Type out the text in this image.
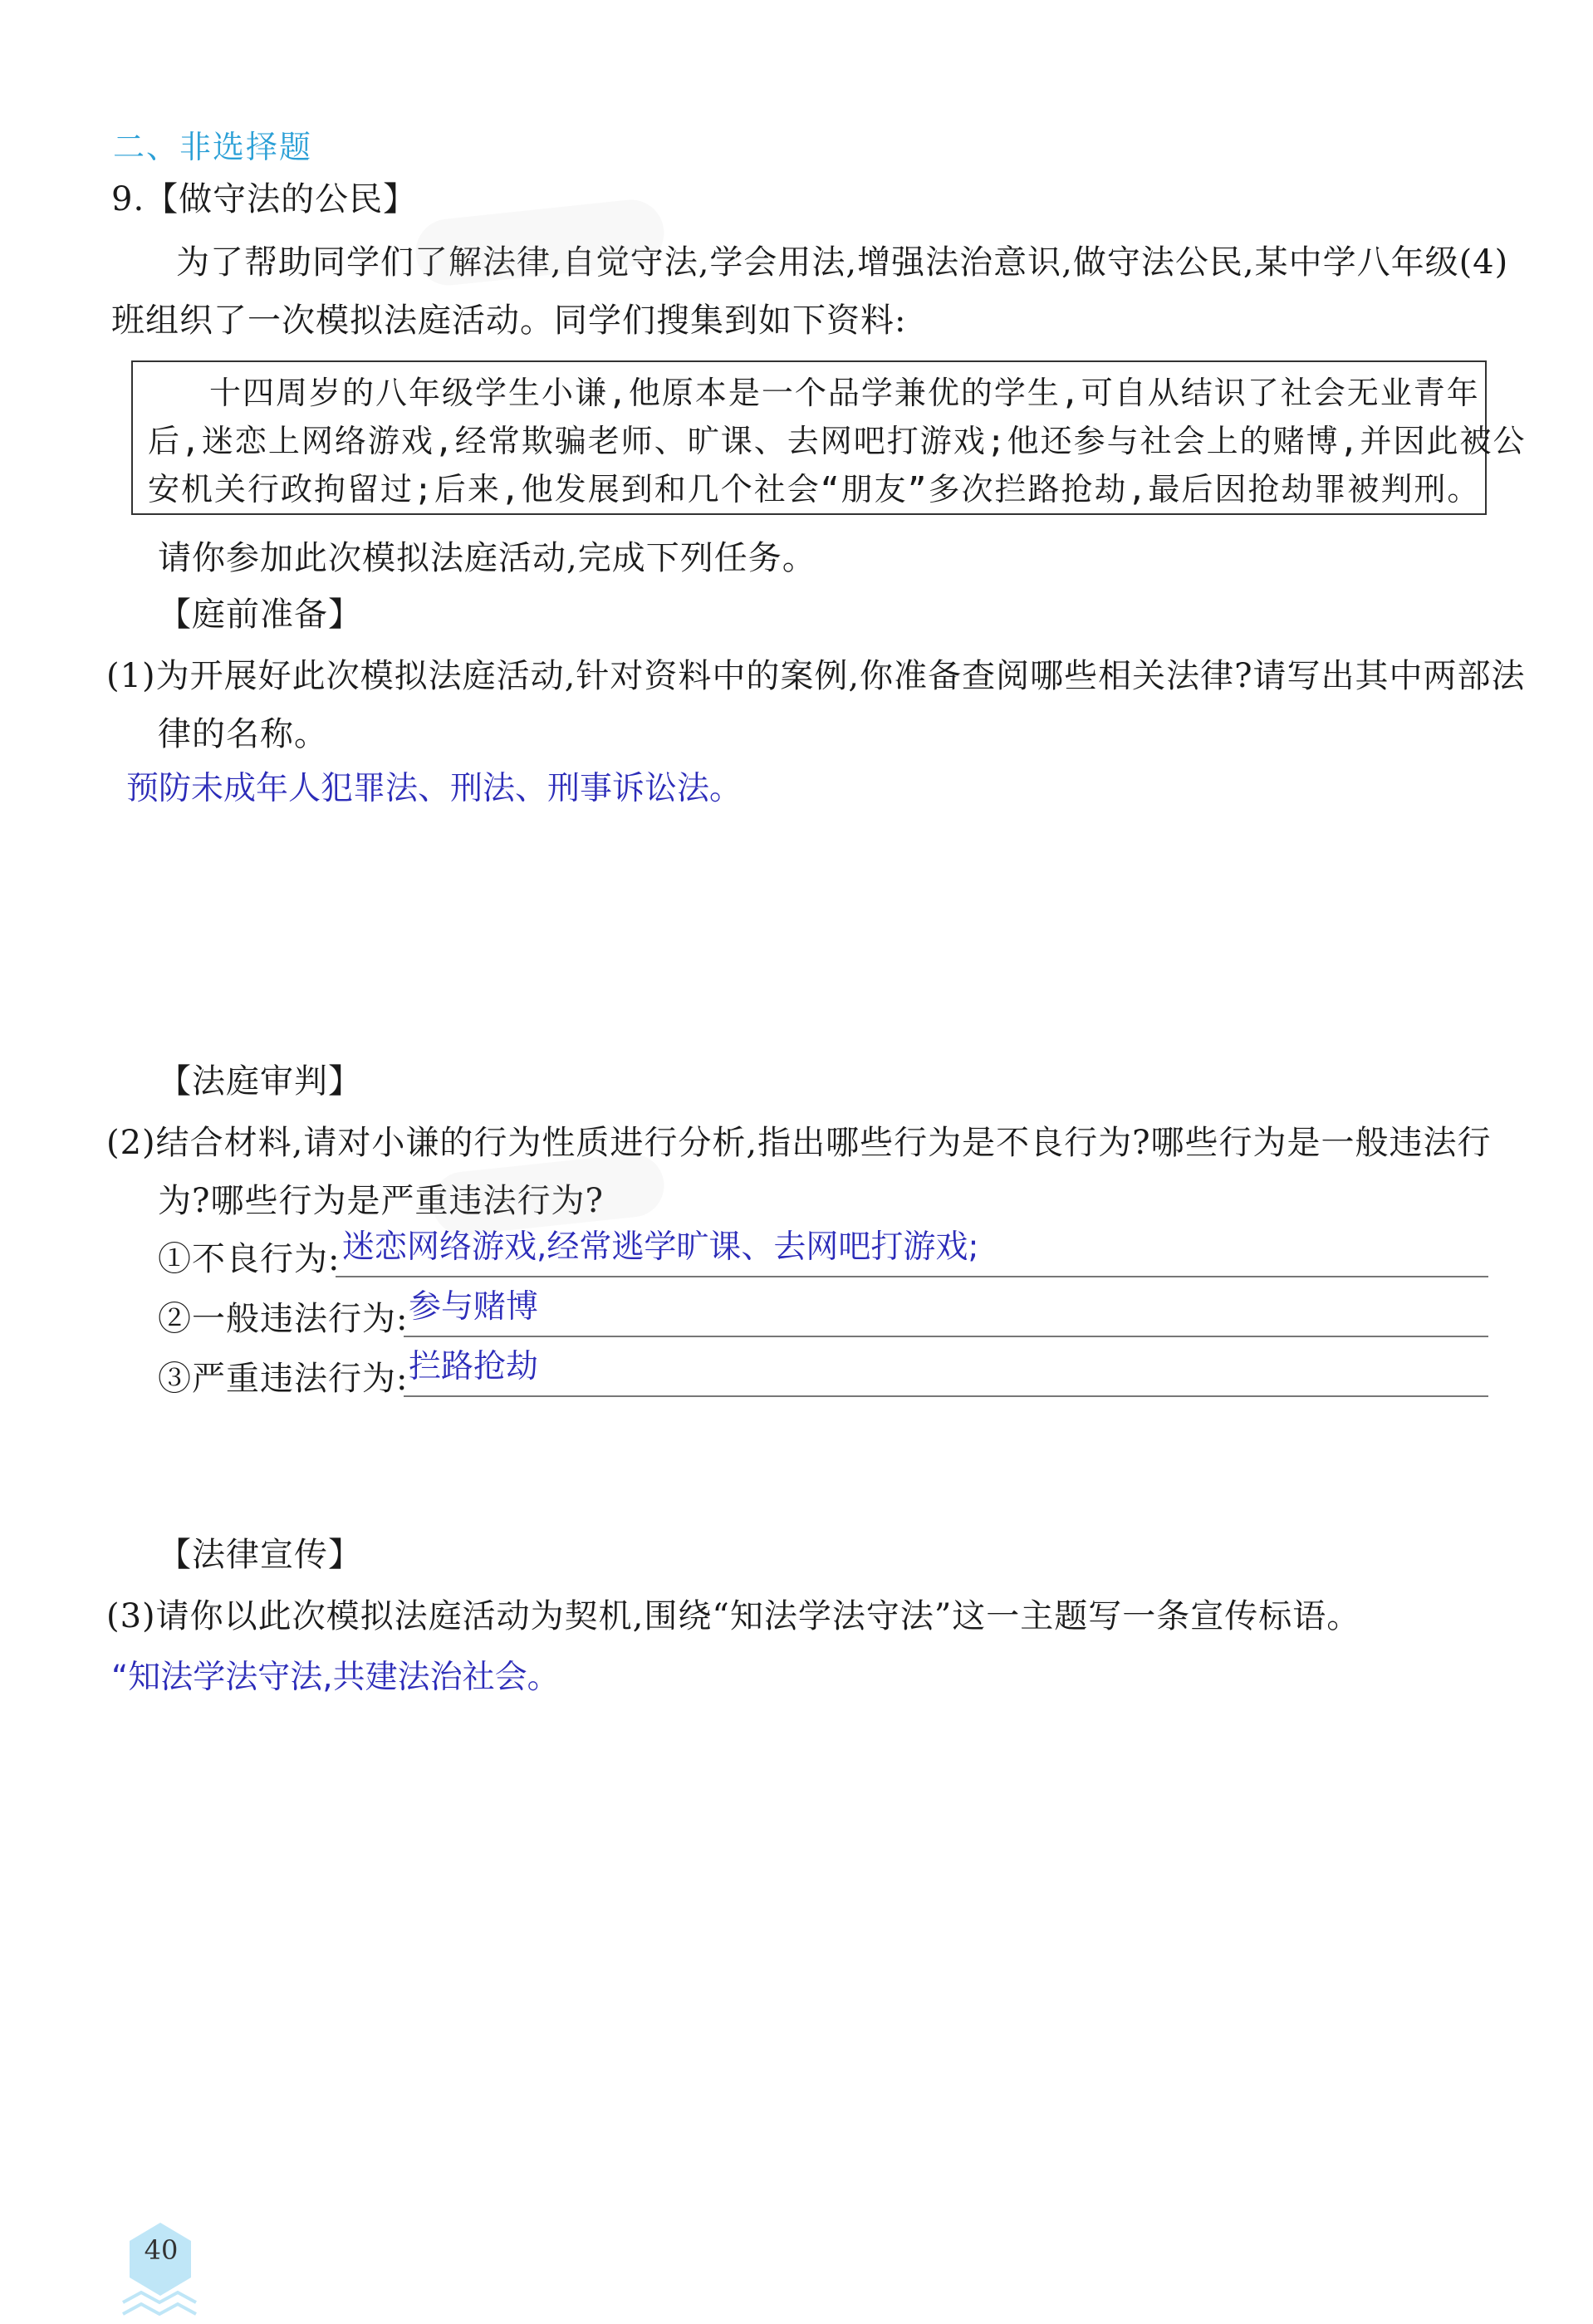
二、非选择题
9.【做守法的公民】
为了帮助同学们了解法律,自觉守法,学会用法,增强法治意识,做守法公民,某中学八年级(4)
班组织了一次模拟法庭活动。同学们搜集到如下资料:
十四周岁的八年级学生小谦,他原本是一个品学兼优的学生,可自从结识了社会无业青年
后,迷恋上网络游戏,经常欺骗老师、旷课、去网吧打游戏;他还参与社会上的赌博,并因此被公
安机关行政拘留过;后来,他发展到和几个社会“朋友”多次拦路抢劫,最后因抢劫罪被判刑。
请你参加此次模拟法庭活动,完成下列任务。
【庭前准备】
(1)为开展好此次模拟法庭活动,针对资料中的案例,你准备查阅哪些相关法律?请写出其中两部法
律的名称。
预防未成年人犯罪法、刑法、刑事诉讼法。
【法庭审判】
(2)结合材料,请对小谦的行为性质进行分析,指出哪些行为是不良行为?哪些行为是一般违法行
为?哪些行为是严重违法行为?
①不良行为: 迷恋网络游戏,经常逃学旷课、去网吧打游戏;
②一般违法行为: 参与赌博
③严重违法行为: 拦路抢劫
【法律宣传】
(3)请你以此次模拟法庭活动为契机,围绕“知法学法守法”这一主题写一条宣传标语。
“知法学法守法,共建法治社会。
40
